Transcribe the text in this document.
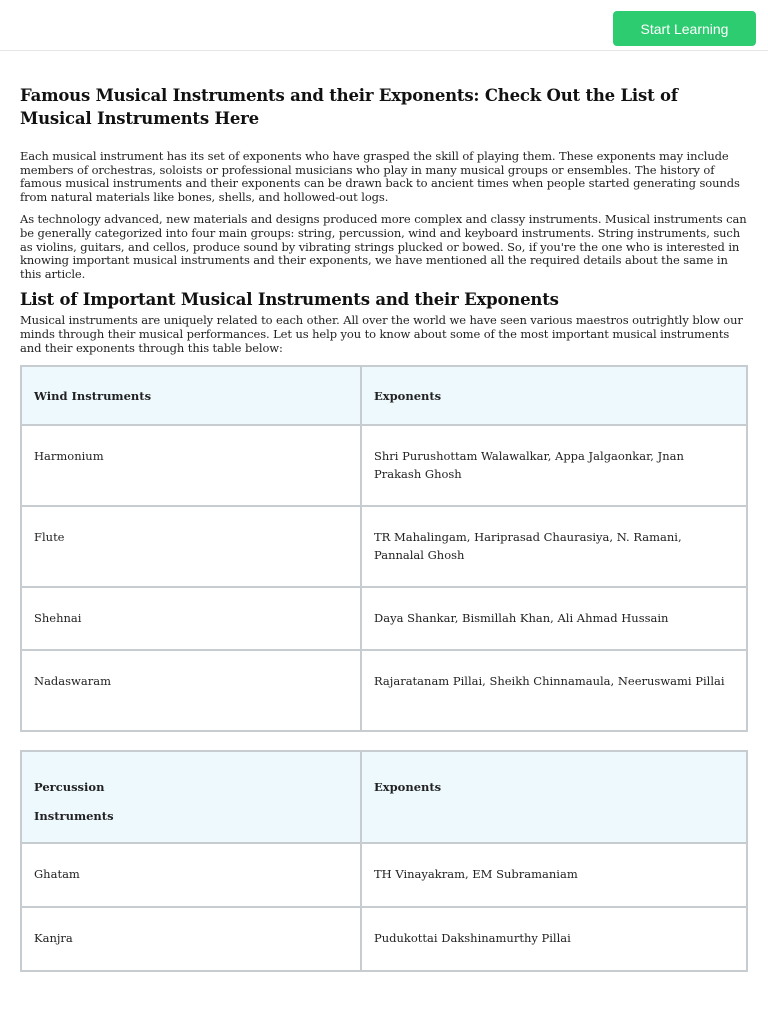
Start Learning
Famous Musical Instruments and their Exponents: Check Out the List of Musical Instruments Here

Each musical instrument has its set of exponents who have grasped the skill of playing them. These exponents may include members of orchestras, soloists or professional musicians who play in many musical groups or ensembles. The history of famous musical instruments and their exponents can be drawn back to ancient times when people started generating sounds from natural materials like bones, shells, and hollowed-out logs.

As technology advanced, new materials and designs produced more complex and classy instruments. Musical instruments can be generally categorized into four main groups: string, percussion, wind and keyboard instruments. String instruments, such as violins, guitars, and cellos, produce sound by vibrating strings plucked or bowed. So, if you're the one who is interested in knowing important musical instruments and their exponents, we have mentioned all the required details about the same in this article.

List of Important Musical Instruments and their Exponents

Musical instruments are uniquely related to each other. All over the world we have seen various maestros outrightly blow our minds through their musical performances. Let us help you to know about some of the most important musical instruments and their exponents through this table below:

Wind Instruments	Exponents
Harmonium	Shri Purushottam Walawalkar, Appa Jalgaonkar, Jnan Prakash Ghosh
Flute	TR Mahalingam, Hariprasad Chaurasiya, N. Ramani, Pannalal Ghosh
Shehnai	Daya Shankar, Bismillah Khan, Ali Ahmad Hussain
Nadaswaram	Rajaratanam Pillai, Sheikh Chinnamaula, Neeruswami Pillai
Percussion Instruments	Exponents
Ghatam	TH Vinayakram, EM Subramaniam
Kanjra	Pudukottai Dakshinamurthy Pillai
